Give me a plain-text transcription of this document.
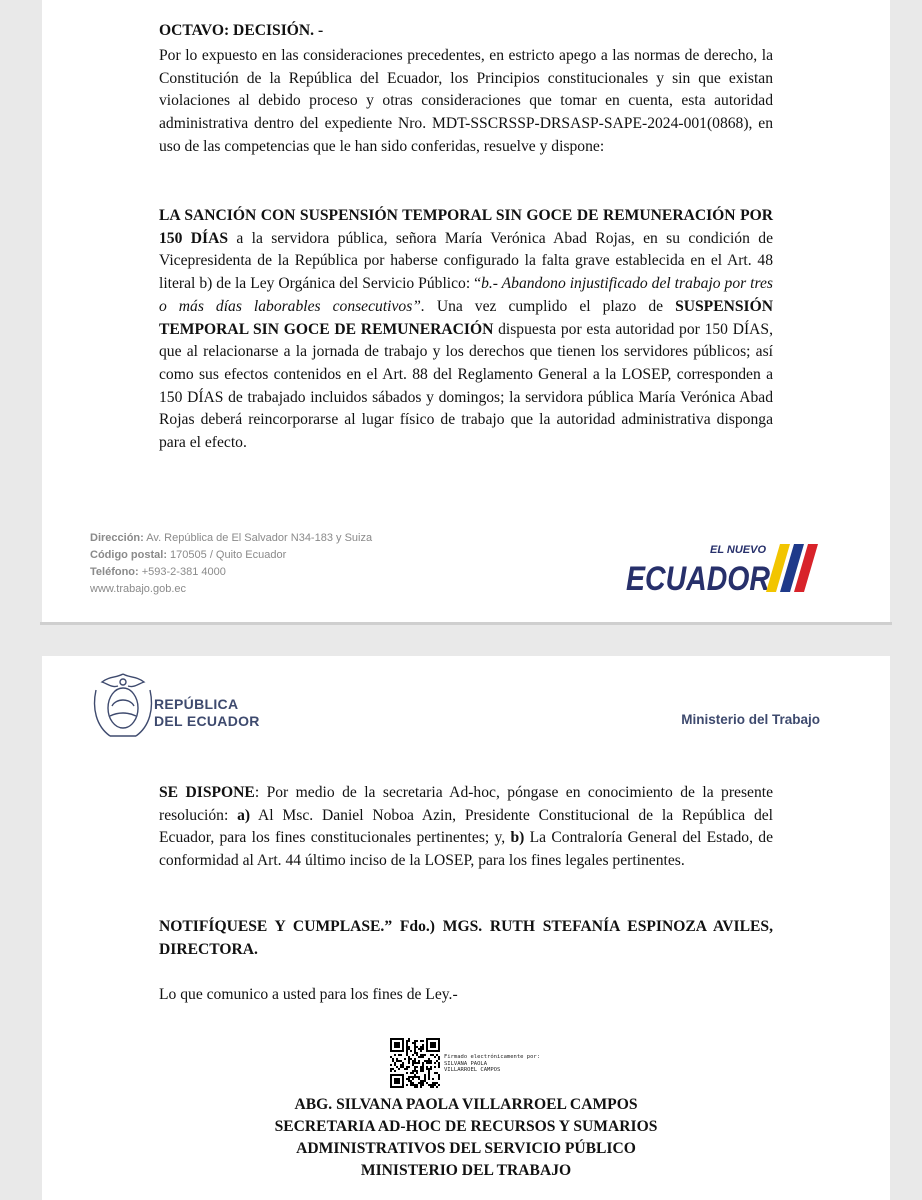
OCTAVO: DECISIÓN. -

Por lo expuesto en las consideraciones precedentes, en estricto apego a las normas de derecho, la Constitución de la República del Ecuador, los Principios constitucionales y sin que existan violaciones al debido proceso y otras consideraciones que tomar en cuenta, esta autoridad administrativa dentro del expediente Nro. MDT-SSCRSSP-DRSASP-SAPE-2024-001(0868), en uso de las competencias que le han sido conferidas, resuelve y dispone:

LA SANCIÓN CON SUSPENSIÓN TEMPORAL SIN GOCE DE REMUNERACIÓN POR 150 DÍAS a la servidora pública, señora María Verónica Abad Rojas, en su condición de Vicepresidenta de la República por haberse configurado la falta grave establecida en el Art. 48 literal b) de la Ley Orgánica del Servicio Público: “b.- Abandono injustificado del trabajo por tres o más días laborables consecutivos”. Una vez cumplido el plazo de SUSPENSIÓN TEMPORAL SIN GOCE DE REMUNERACIÓN dispuesta por esta autoridad por 150 DÍAS, que al relacionarse a la jornada de trabajo y los derechos que tienen los servidores públicos; así como sus efectos contenidos en el Art. 88 del Reglamento General a la LOSEP, corresponden a 150 DÍAS de trabajado incluidos sábados y domingos; la servidora pública María Verónica Abad Rojas deberá reincorporarse al lugar físico de trabajo que la autoridad administrativa disponga para el efecto.

Dirección: Av. República de El Salvador N34-183 y Suiza
Código postal: 170505 / Quito Ecuador
Teléfono: +593-2-381 4000
www.trabajo.gob.ec
EL NUEVO
ECUADOR
REPÚBLICA
DEL ECUADOR	Ministerio del Trabajo

SE DISPONE: Por medio de la secretaria Ad-hoc, póngase en conocimiento de la presente resolución: a) Al Msc. Daniel Noboa Azin, Presidente Constitucional de la República del Ecuador, para los fines constitucionales pertinentes; y, b) La Contraloría General del Estado, de conformidad al Art. 44 último inciso de la LOSEP, para los fines legales pertinentes.

NOTIFÍQUESE Y CUMPLASE.” Fdo.) MGS. RUTH STEFANÍA ESPINOZA AVILES, DIRECTORA.

Lo que comunico a usted para los fines de Ley.-

Firmado electrónicamente por:
SILVANA PAOLA
VILLARROEL CAMPOS
ABG. SILVANA PAOLA VILLARROEL CAMPOS
SECRETARIA AD-HOC DE RECURSOS Y SUMARIOS
ADMINISTRATIVOS DEL SERVICIO PÚBLICO
MINISTERIO DEL TRABAJO
